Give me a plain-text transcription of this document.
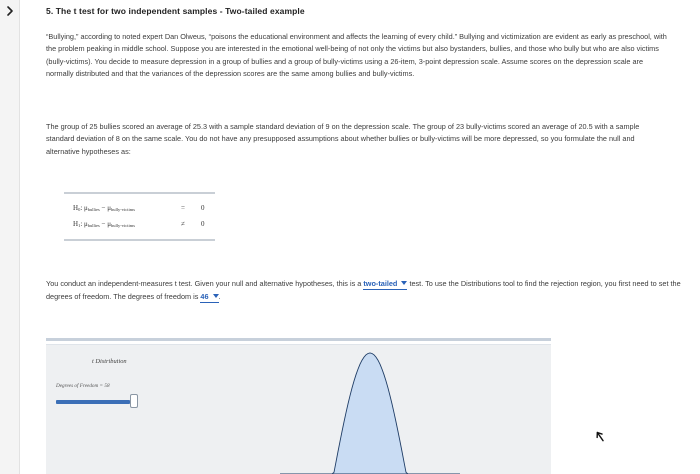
5. The t test for two independent samples - Two-tailed example

“Bullying,” according to noted expert Dan Olweus, “poisons the educational environment and affects the learning of every child.” Bullying and victimization are evident as early as preschool, with the problem peaking in middle school. Suppose you are interested in the emotional well-being of not only the victims but also bystanders, bullies, and those who bully but who are also victims (bully-victims). You decide to measure depression in a group of bullies and a group of bully-victims using a 26-item, 3-point depression scale. Assume scores on the depression scale are normally distributed and that the variances of the depression scores are the same among bullies and bully-victims.

The group of 25 bullies scored an average of 25.3 with a sample standard deviation of 9 on the depression scale. The group of 23 bully-victims scored an average of 20.5 with a sample standard deviation of 8 on the same scale. You do not have any presupposed assumptions about whether bullies or bully-victims will be more depressed, so you formulate the null and alternative hypotheses as:

$H_0$: $\mu_{bullies} - \mu_{bully-victims}$	= 0
$H_1$: $\mu_{bullies} - \mu_{bully-victims}$	≠ 0

You conduct an independent-measures t test. Given your null and alternative hypotheses, this is a two-tailed test. To use the Distributions tool to find the rejection region, you first need to set the degrees of freedom. The degrees of freedom is 46 .

t Distribution
Degrees of Freedom = 58
